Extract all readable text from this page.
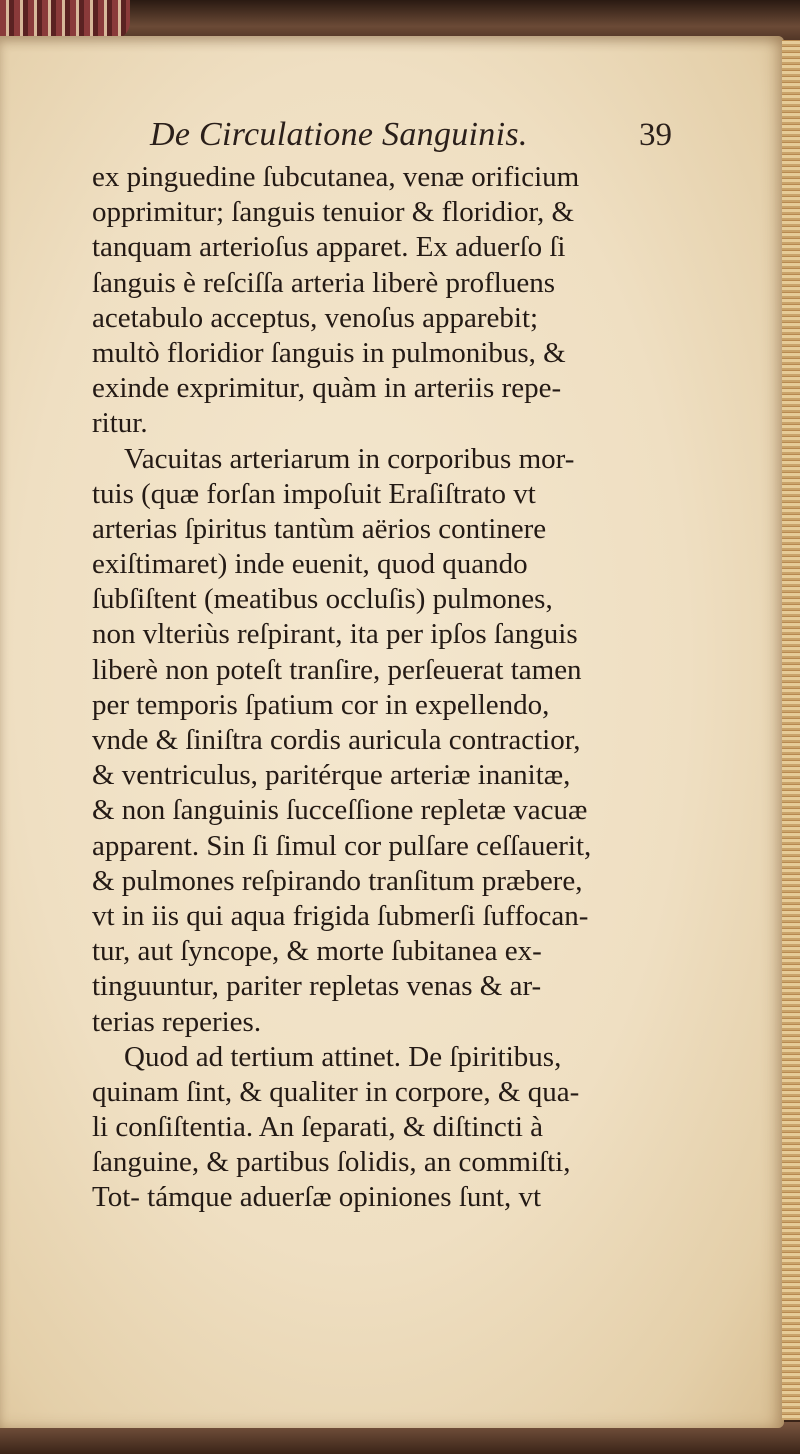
De Circulatione Sanguinis.	39
ex pinguedine ſubcutanea, venæ orificium
opprimitur; ſanguis tenuior & floridior, &
tanquam arterioſus apparet. Ex aduerſo ſi
ſanguis è reſciſſa arteria liberè profluens
acetabulo acceptus, venoſus apparebit;
multò floridior ſanguis in pulmonibus, &
exinde exprimitur, quàm in arteriis repe-
ritur.
Vacuitas arteriarum in corporibus mor-
tuis (quæ forſan impoſuit Eraſiſtrato vt
arterias ſpiritus tantùm aërios continere
exiſtimaret) inde euenit, quod quando
ſubſiſtent (meatibus occluſis) pulmones,
non vlteriùs reſpirant, ita per ipſos ſanguis
liberè non poteſt tranſire, perſeuerat tamen
per temporis ſpatium cor in expellendo,
vnde & ſiniſtra cordis auricula contractior,
& ventriculus, paritérque arteriæ inanitæ,
& non ſanguinis ſucceſſione repletæ vacuæ
apparent. Sin ſi ſimul cor pulſare ceſſauerit,
& pulmones reſpirando tranſitum præbere,
vt in iis qui aqua frigida ſubmerſi ſuffocan-
tur, aut ſyncope, & morte ſubitanea ex-
tinguuntur, pariter repletas venas & ar-
terias reperies.
Quod ad tertium attinet. De ſpiritibus,
quinam ſint, & qualiter in corpore, & qua-
li conſiſtentia. An ſeparati, & diſtincti à
ſanguine, & partibus ſolidis, an commiſti,
Tot- támque aduerſæ opiniones ſunt, vt
